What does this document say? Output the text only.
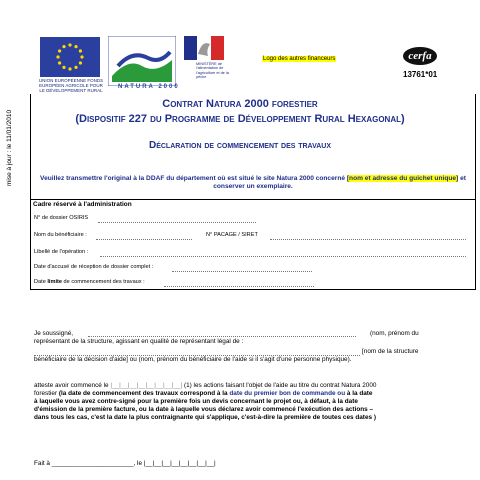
UNION EUROPÉENNE FONDS EUROPÉEN AGRICOLE POUR LE DÉVELOPPEMENT RURAL
NATURA 2000
MINISTÈRE de l'alimentation de l'agriculture et de la pêche
Logo des autres financeurs	cerfa
13761*01
mise à jour : le 11/01/2010
Contrat Natura 2000 forestier
(Dispositif 227 du Programme de Développement Rural Hexagonal)
Déclaration de commencement des travaux
Veuillez transmettre l'original à la DDAF du département où est situé le site Natura 2000 concerné [nom et adresse du guichet unique] et conserver un exemplaire.
Cadre réservé à l'administration
N° de dossier OSIRIS
Nom du bénéficiaire :	N° PACAGE / SIRET
Libellé de l'opération :
Date d'accusé de réception de dossier complet :
Date limite de commencement des travaux :
Je soussigné,	(nom, prénom du
représentant de la structure, agissant en qualité de représentant légal de :
[nom de la structure
bénéficiaire de la décision d'aide] ou (nom, prénom du bénéficiaire de l'aide si il s'agit d'une personne physique).
atteste avoir commencé le |__|__|__|__|__|__|__|__| (1) les actions faisant l'objet de l'aide au titre du contrat Natura 2000
forestier (la date de commencement des travaux correspond à la date du premier bon de commande ou à la date
à laquelle vous avez contre-signé pour la première fois un devis concernant le projet ou, à défaut, à la date
d'émission de la première facture, ou la date à laquelle vous déclarez avoir commencé l'exécution des actions –
dans tous les cas, c'est la date la plus contraignante qui s'applique, c'est-à-dire la première de toutes ces dates )
Fait à _______________________, le |__|__|__|__|__|__|__|__|
